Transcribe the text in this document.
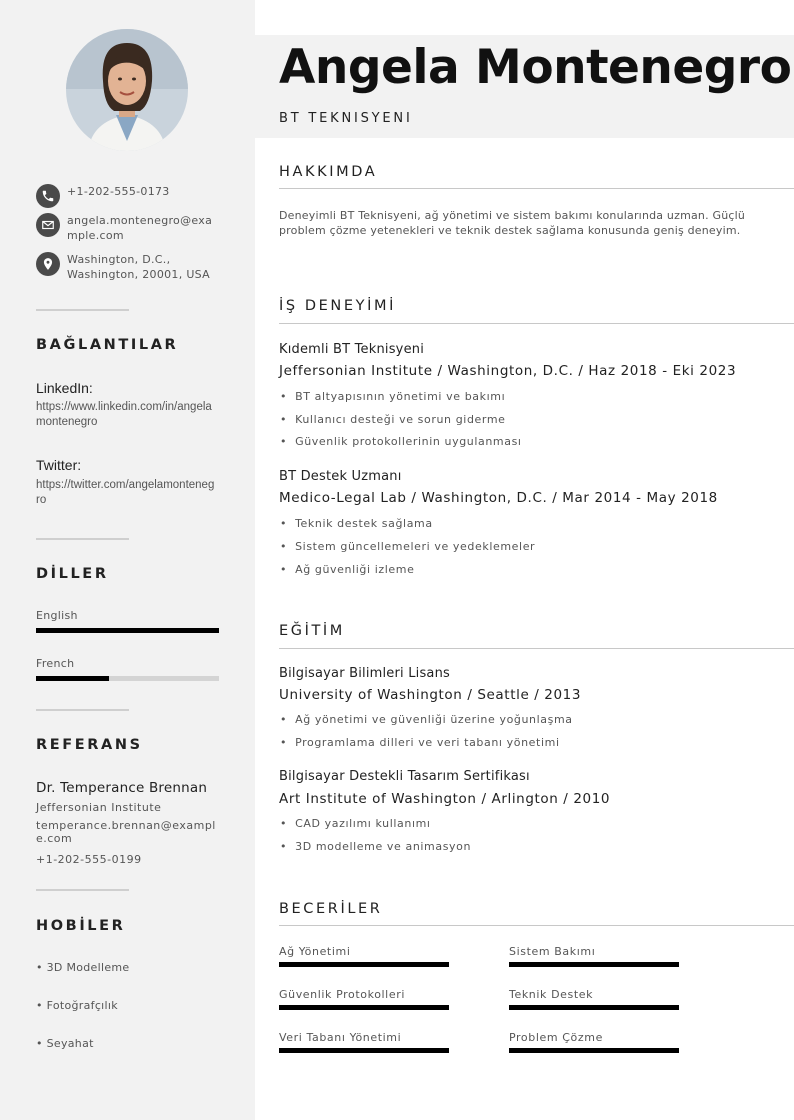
+1-202-555-0173
angela.montenegro@example.com
Washington, D.C., Washington, 20001, USA
BAĞLANTILAR
LinkedIn:
https://www.linkedin.com/in/angelamontenegro
Twitter:
https://twitter.com/angelamontenegro
DİLLER
English
French
REFERANS
Dr. Temperance Brennan
Jeffersonian Institute
temperance.brennan@example.com
+1-202-555-0199
HOBİLER
• 3D Modelleme
• Fotoğrafçılık
• Seyahat
Angela Montenegro
BT TEKNISYENI
HAKKIMDA
Deneyimli BT Teknisyeni, ağ yönetimi ve sistem bakımı konularında uzman. Güçlü problem çözme yetenekleri ve teknik destek sağlama konusunda geniş deneyim.
İŞ DENEYİMİ
Kıdemli BT Teknisyeni
Jeffersonian Institute / Washington, D.C. / Haz 2018 - Eki 2023
• BT altyapısının yönetimi ve bakımı
• Kullanıcı desteği ve sorun giderme
• Güvenlik protokollerinin uygulanması
BT Destek Uzmanı
Medico-Legal Lab / Washington, D.C. / Mar 2014 - May 2018
• Teknik destek sağlama
• Sistem güncellemeleri ve yedeklemeler
• Ağ güvenliği izleme
EĞİTİM
Bilgisayar Bilimleri Lisans
University of Washington / Seattle / 2013
• Ağ yönetimi ve güvenliği üzerine yoğunlaşma
• Programlama dilleri ve veri tabanı yönetimi
Bilgisayar Destekli Tasarım Sertifikası
Art Institute of Washington / Arlington / 2010
• CAD yazılımı kullanımı
• 3D modelleme ve animasyon
BECERİLER
Ağ Yönetimi	Sistem Bakımı
Güvenlik Protokolleri	Teknik Destek
Veri Tabanı Yönetimi	Problem Çözme
